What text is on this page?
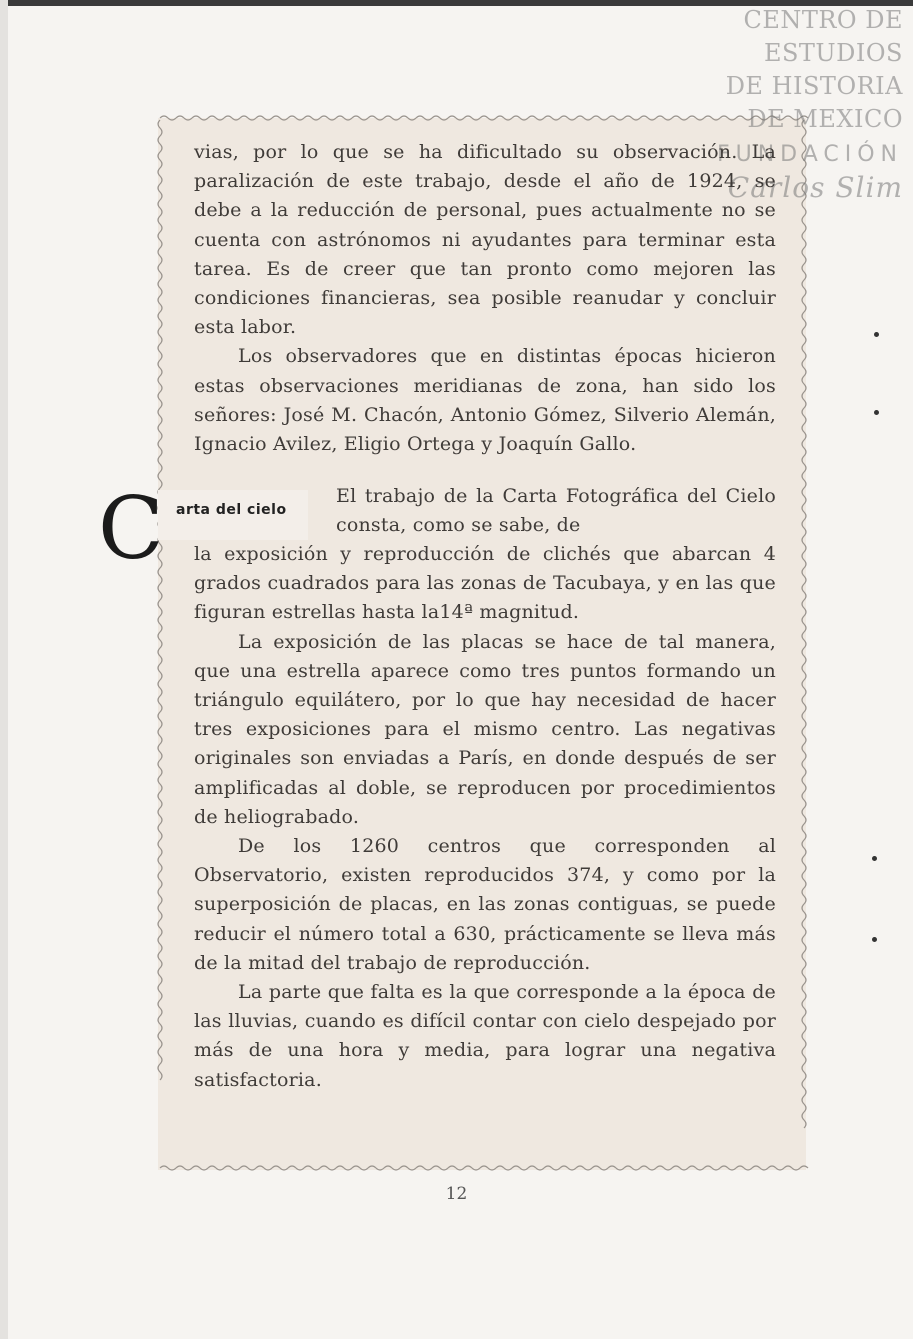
CENTRO DE
ESTUDIOS
DE HISTORIA
DE MEXICO
FUNDACIÓN
Carlos Slim

vias, por lo que se ha dificultado su observación. La paralización de este trabajo, desde el año de 1924, se debe a la reducción de personal, pues actualmente no se cuenta con astrónomos ni ayudantes para terminar esta tarea. Es de creer que tan pronto como mejoren las condiciones financieras, sea posible reanudar y concluir esta labor.

Los observadores que en distintas épocas hicieron estas observaciones meridianas de zona, han sido los señores: José M. Chacón, Antonio Gómez, Silverio Alemán, Ignacio Avilez, Eligio Ortega y Joaquín Gallo.

arta del cielo
C	El trabajo de la Carta Fotográfica del Cielo consta, como se sabe, de

la exposición y reproducción de clichés que abarcan 4 grados cuadrados para las zonas de Tacubaya, y en las que figuran estrellas hasta la14ª magnitud.

La exposición de las placas se hace de tal manera, que una estrella aparece como tres puntos formando un triángulo equilátero, por lo que hay necesidad de hacer tres exposiciones para el mismo centro. Las negativas originales son enviadas a París, en donde después de ser amplificadas al doble, se reproducen por procedimientos de heliograbado.

De los 1260 centros que corresponden al Observatorio, existen reproducidos 374, y como por la superposición de placas, en las zonas contiguas, se puede reducir el número total a 630, prácticamente se lleva más de la mitad del trabajo de reproducción.

La parte que falta es la que corresponde a la época de las lluvias, cuando es difícil contar con cielo despejado por más de una hora y media, para lograr una negativa satisfactoria.

12
